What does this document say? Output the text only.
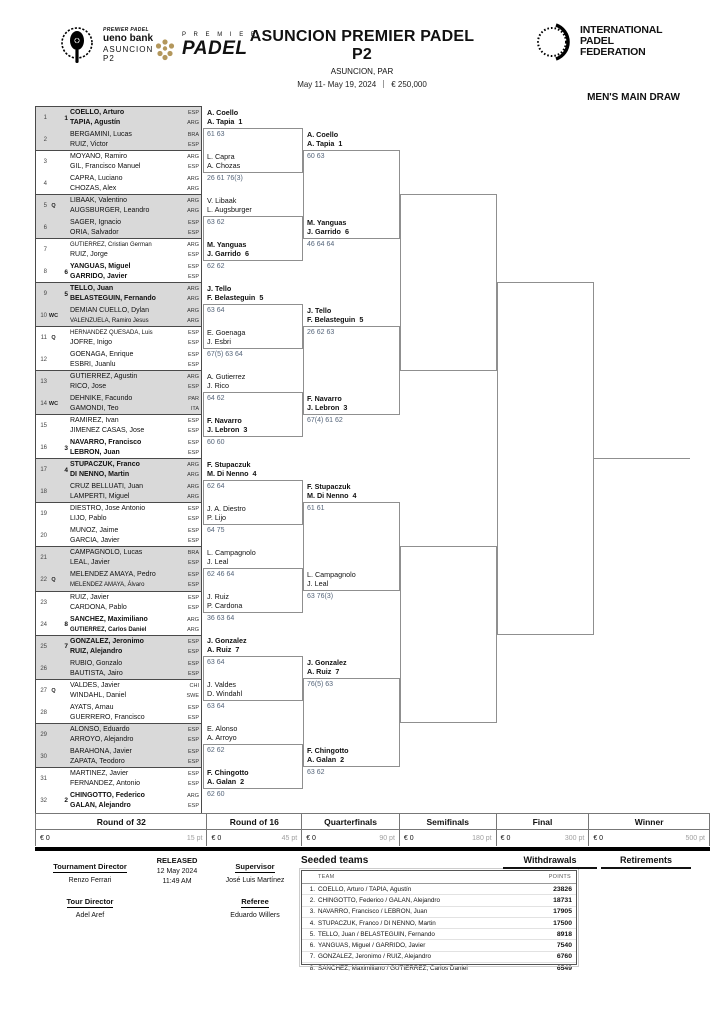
PREMIER PADEL
ueno bank
ASUNCION
P2
P R E M I E R
PADEL
ASUNCION PREMIER PADEL P2
ASUNCION, PAR
May 11- May 19, 2024 € 250,000
INTERNATIONAL
PADEL
FEDERATION
MEN'S MAIN DRAW
1	1
COELLO, Arturo
TAPIA, Agustín
ESP
ARG
2
BERGAMINI, Lucas
RUIZ, Victor
BRA
ESP
3
MOYANO, Ramiro
GIL, Francisco Manuel
ARG
ESP
4
CAPRA, Luciano
CHOZAS, Alex
ARG
ARG
5 Q
LIBAAK, Valentino
AUGSBURGER, Leandro
ARG
ARG
6
SAGER, Ignacio
ORIA, Salvador
ESP
ESP
7
GUTIERREZ, Cristian German
RUIZ, Jorge
ARG
ESP
8	6
YANGUAS, Miguel
GARRIDO, Javier
ESP
ESP
9	5
TELLO, Juan
BELASTEGUIN, Fernando
ARG
ARG
10 WC
DEMIAN CUELLO, Dylan
VALENZUELA, Ramiro Jesus
ARG
ARG
11 Q
HERNANDEZ QUESADA, Luis
JOFRE, Inigo
ESP
ESP
12
GOENAGA, Enrique
ESBRI, Juanlu
ESP
ESP
13
GUTIERREZ, Agustin
RICO, Jose
ARG
ESP
14 WC
DEHNIKE, Facundo
GAMONDI, Teo
PAR
ITA
15
RAMIREZ, Ivan
JIMENEZ CASAS, Jose
ESP
ESP
16	3
NAVARRO, Francisco
LEBRON, Juan
ESP
ESP
17	4
STUPACZUK, Franco
DI NENNO, Martin
ARG
ARG
18
CRUZ BELLUATI, Juan
LAMPERTI, Miguel
ARG
ARG
19
DIESTRO, Jose Antonio
LIJO, Pablo
ESP
ESP
20
MUNOZ, Jaime
GARCIA, Javier
ESP
ESP
21
CAMPAGNOLO, Lucas
LEAL, Javier
BRA
ESP
22 Q
MELENDEZ AMAYA, Pedro
MELENDEZ AMAYA, Álvaro
ESP
ESP
23
RUIZ, Javier
CARDONA, Pablo
ESP
ESP
24	8
SANCHEZ, Maximiliano
GUTIERREZ, Carlos Daniel
ARG
ARG
25	7
GONZALEZ, Jeronimo
RUIZ, Alejandro
ESP
ESP
26
RUBIO, Gonzalo
BAUTISTA, Jairo
ESP
ESP
27 Q
VALDES, Javier
WINDAHL, Daniel
CHI
SWE
28
AYATS, Arnau
GUERRERO, Francisco
ESP
ESP
29
ALONSO, Eduardo
ARROYO, Alejandro
ESP
ESP
30
BARAHONA, Javier
ZAPATA, Teodoro
ESP
ESP
31
MARTINEZ, Javier
FERNANDEZ, Antonio
ESP
ESP
32	2
CHINGOTTO, Federico
GALAN, Alejandro
ARG
ESP
A. Coello
A. Tapia  1
61 63
L. Capra
A. Chozas
26 61 76(3)
V. Libaak
L. Augsburger
63 62
M. Yanguas
J. Garrido  6
62 62
J. Tello
F. Belasteguin  5
63 64
E. Goenaga
J. Esbri
67(5) 63 64
A. Gutierrez
J. Rico
64 62
F. Navarro
J. Lebron  3
60 60
F. Stupaczuk
M. Di Nenno  4
62 64
J. A. Diestro
P. Lijo
64 75
L. Campagnolo
J. Leal
62 46 64
J. Ruiz
P. Cardona
36 63 64
J. Gonzalez
A. Ruiz  7
63 64
J. Valdes
D. Windahl
63 64
E. Alonso
A. Arroyo
62 62
F. Chingotto
A. Galan  2
62 60
A. Coello
A. Tapia  1
60 63
M. Yanguas
J. Garrido  6
46 64 64
J. Tello
F. Belasteguin  5
26 62 63
F. Navarro
J. Lebron  3
67(4) 61 62
F. Stupaczuk
M. Di Nenno  4
61 61
L. Campagnolo
J. Leal
63 76(3)
J. Gonzalez
A. Ruiz  7
76(5) 63
F. Chingotto
A. Galan  2
63 62
Round of 32
€ 0	15 pt
Round of 16
€ 0	45 pt
Quarterfinals
€ 0	90 pt
Semifinals
€ 0	180 pt
Final
€ 0	300 pt
Winner
€ 0	500 pt
Tournament Director
Renzo Ferrari
Tour Director
Adel Aref
RELEASED
12 May 2024
11:49 AM
Supervisor
José Luis Martínez
Referee
Eduardo Willers
Seeded teams
TEAM	POINTS
1. COELLO, Arturo / TAPIA, Agustín	23826
2. CHINGOTTO, Federico / GALAN, Alejandro	18731
3. NAVARRO, Francisco / LEBRON, Juan	17905
4. STUPACZUK, Franco / DI NENNO, Martin	17500
5. TELLO, Juan / BELASTEGUIN, Fernando	8918
6. YANGUAS, Miguel / GARRIDO, Javier	7540
7. GONZALEZ, Jeronimo / RUIZ, Alejandro	6760
8. SANCHEZ, Maximiliano / GUTIERREZ, Carlos Daniel	6549
Withdrawals	Retirements
